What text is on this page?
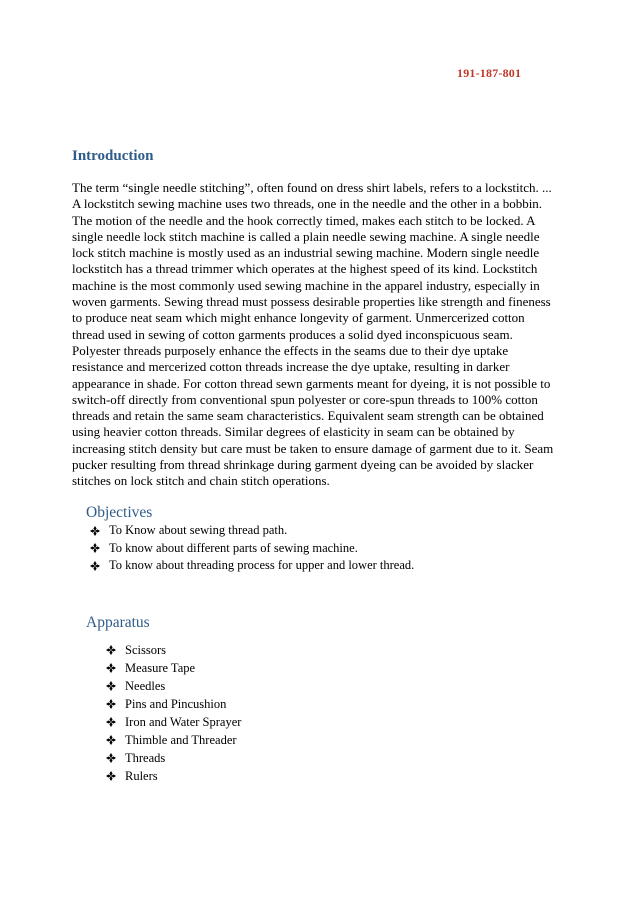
191-187-801
Introduction
The term “single needle stitching”, often found on dress shirt labels, refers to a lockstitch. ...
A lockstitch sewing machine uses two threads, one in the needle and the other in a bobbin.
The motion of the needle and the hook correctly timed, makes each stitch to be locked. A
single needle lock stitch machine is called a plain needle sewing machine. A single needle
lock stitch machine is mostly used as an industrial sewing machine. Modern single needle
lockstitch has a thread trimmer which operates at the highest speed of its kind. Lockstitch
machine is the most commonly used sewing machine in the apparel industry, especially in
woven garments. Sewing thread must possess desirable properties like strength and fineness
to produce neat seam which might enhance longevity of garment. Unmercerized cotton
thread used in sewing of cotton garments produces a solid dyed inconspicuous seam.
Polyester threads purposely enhance the effects in the seams due to their dye uptake
resistance and mercerized cotton threads increase the dye uptake, resulting in darker
appearance in shade. For cotton thread sewn garments meant for dyeing, it is not possible to
switch-off directly from conventional spun polyester or core-spun threads to 100% cotton
threads and retain the same seam characteristics. Equivalent seam strength can be obtained
using heavier cotton threads. Similar degrees of elasticity in seam can be obtained by
increasing stitch density but care must be taken to ensure damage of garment due to it. Seam
pucker resulting from thread shrinkage during garment dyeing can be avoided by slacker
stitches on lock stitch and chain stitch operations.
Objectives
To Know about sewing thread path.
To know about different parts of sewing machine.
To know about threading process for upper and lower thread.
Apparatus
Scissors
Measure Tape
Needles
Pins and Pincushion
Iron and Water Sprayer
Thimble and Threader
Threads
Rulers
